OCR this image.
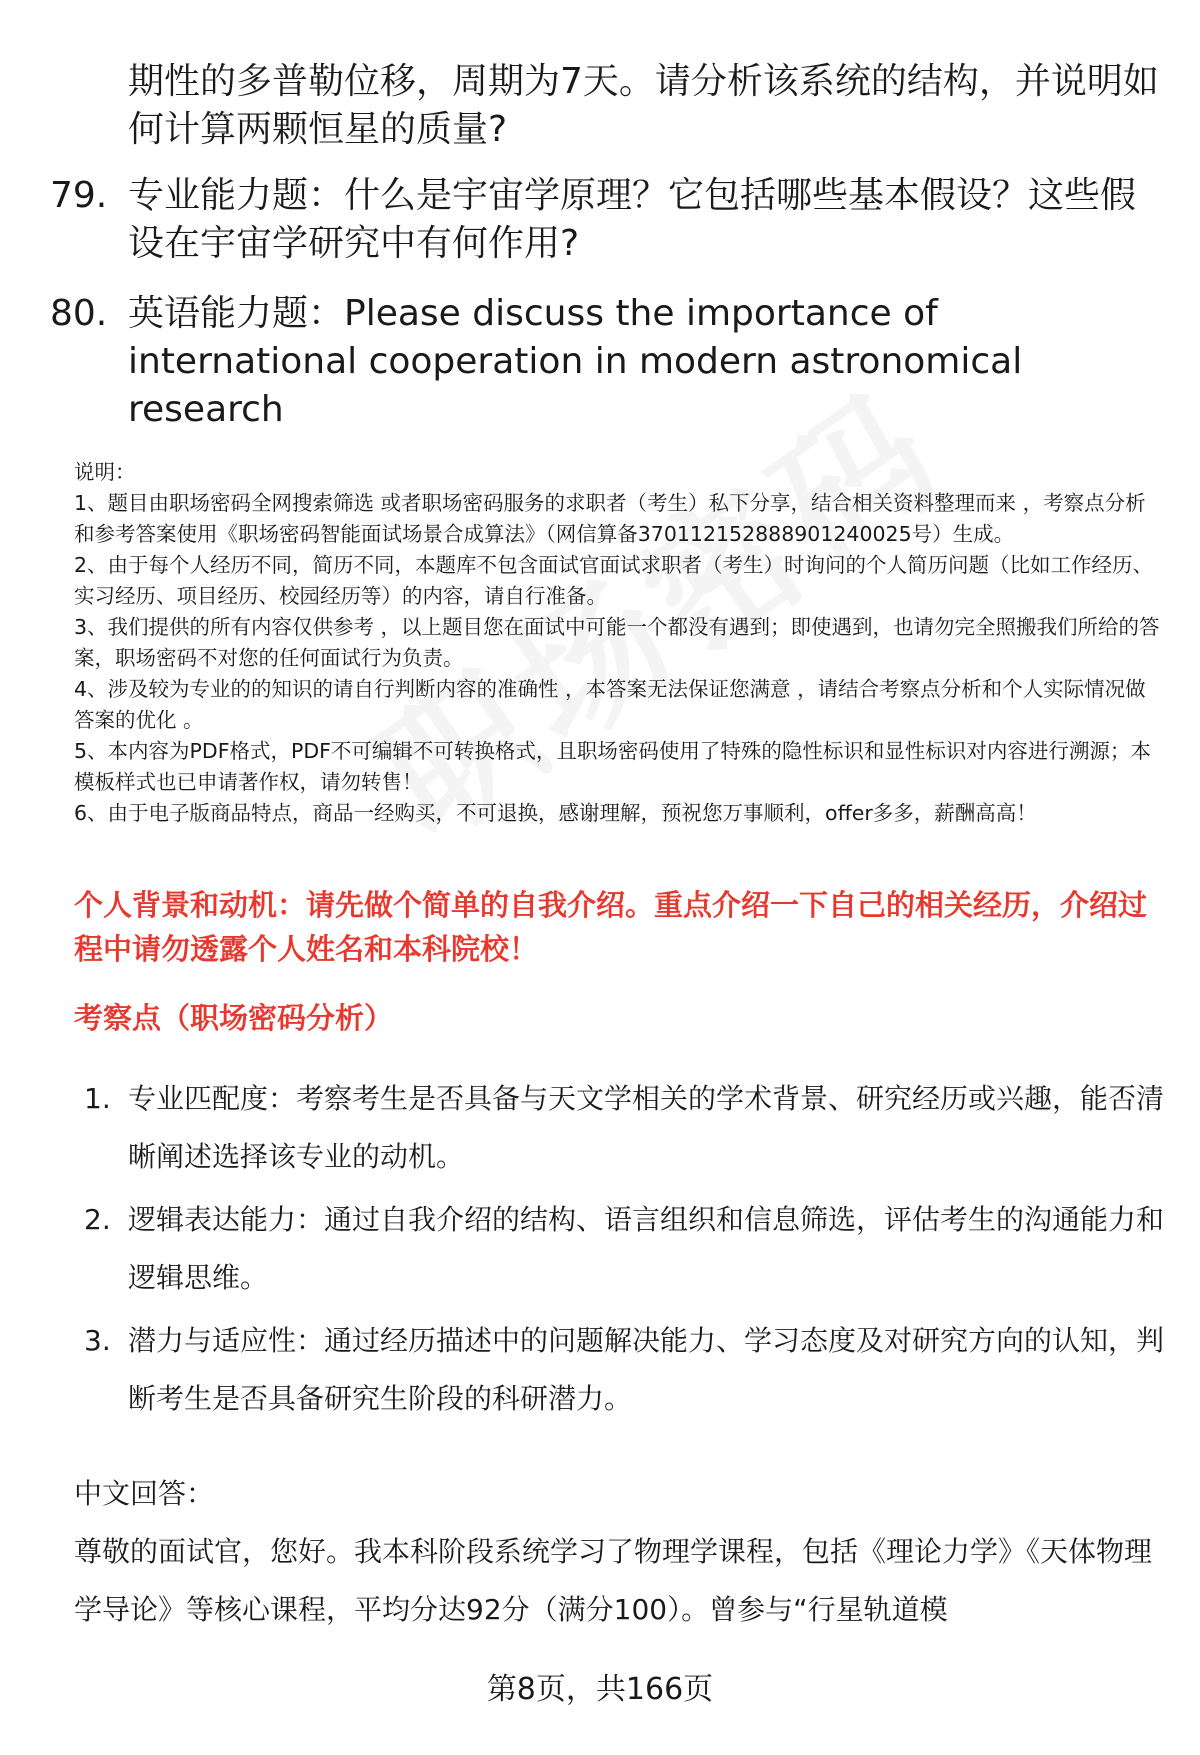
期性的多普勒位移，周期为7天。请分析该系统的结构，并说明如何计算两颗恒星的质量?
79. 专业能力题：什么是宇宙学原理？它包括哪些基本假设？这些假设在宇宙学研究中有何作用?
80. 英语能力题：Please discuss the importance of international cooperation in modern astronomical research

说明：

1、题目由职场密码全网搜索筛选 或者职场密码服务的求职者（考生）私下分享，结合相关资料整理而来 ，考察点分析和参考答案使用《职场密码智能面试场景合成算法》（网信算备370112152888901240025号）生成。

2、由于每个人经历不同，简历不同，本题库不包含面试官面试求职者（考生）时询问的个人简历问题（比如工作经历、实习经历、项目经历、校园经历等）的内容，请自行准备。

3、我们提供的所有内容仅供参考 ，以上题目您在面试中可能一个都没有遇到；即使遇到，也请勿完全照搬我们所给的答案，职场密码不对您的任何面试行为负责。

4、涉及较为专业的的知识的请自行判断内容的准确性 ，本答案无法保证您满意 ，请结合考察点分析和个人实际情况做答案的优化 。

5、本内容为PDF格式，PDF不可编辑不可转换格式，且职场密码使用了特殊的隐性标识和显性标识对内容进行溯源；本模板样式也已申请著作权，请勿转售！

6、由于电子版商品特点，商品一经购买，不可退换，感谢理解，预祝您万事顺利，offer多多，薪酬高高！

个人背景和动机：请先做个简单的自我介绍。重点介绍一下自己的相关经历，介绍过程中请勿透露个人姓名和本科院校！
考察点（职场密码分析）
1. 专业匹配度：考察考生是否具备与天文学相关的学术背景、研究经历或兴趣，能否清晰阐述选择该专业的动机。
2. 逻辑表达能力：通过自我介绍的结构、语言组织和信息筛选，评估考生的沟通能力和逻辑思维。
3. 潜力与适应性：通过经历描述中的问题解决能力、学习态度及对研究方向的认知，判断考生是否具备研究生阶段的科研潜力。
中文回答：
尊敬的面试官，您好。我本科阶段系统学习了物理学课程，包括《理论力学》《天体物理学导论》等核心课程，平均分达92分（满分100）。曾参与“行星轨道模
第8页，共166页
